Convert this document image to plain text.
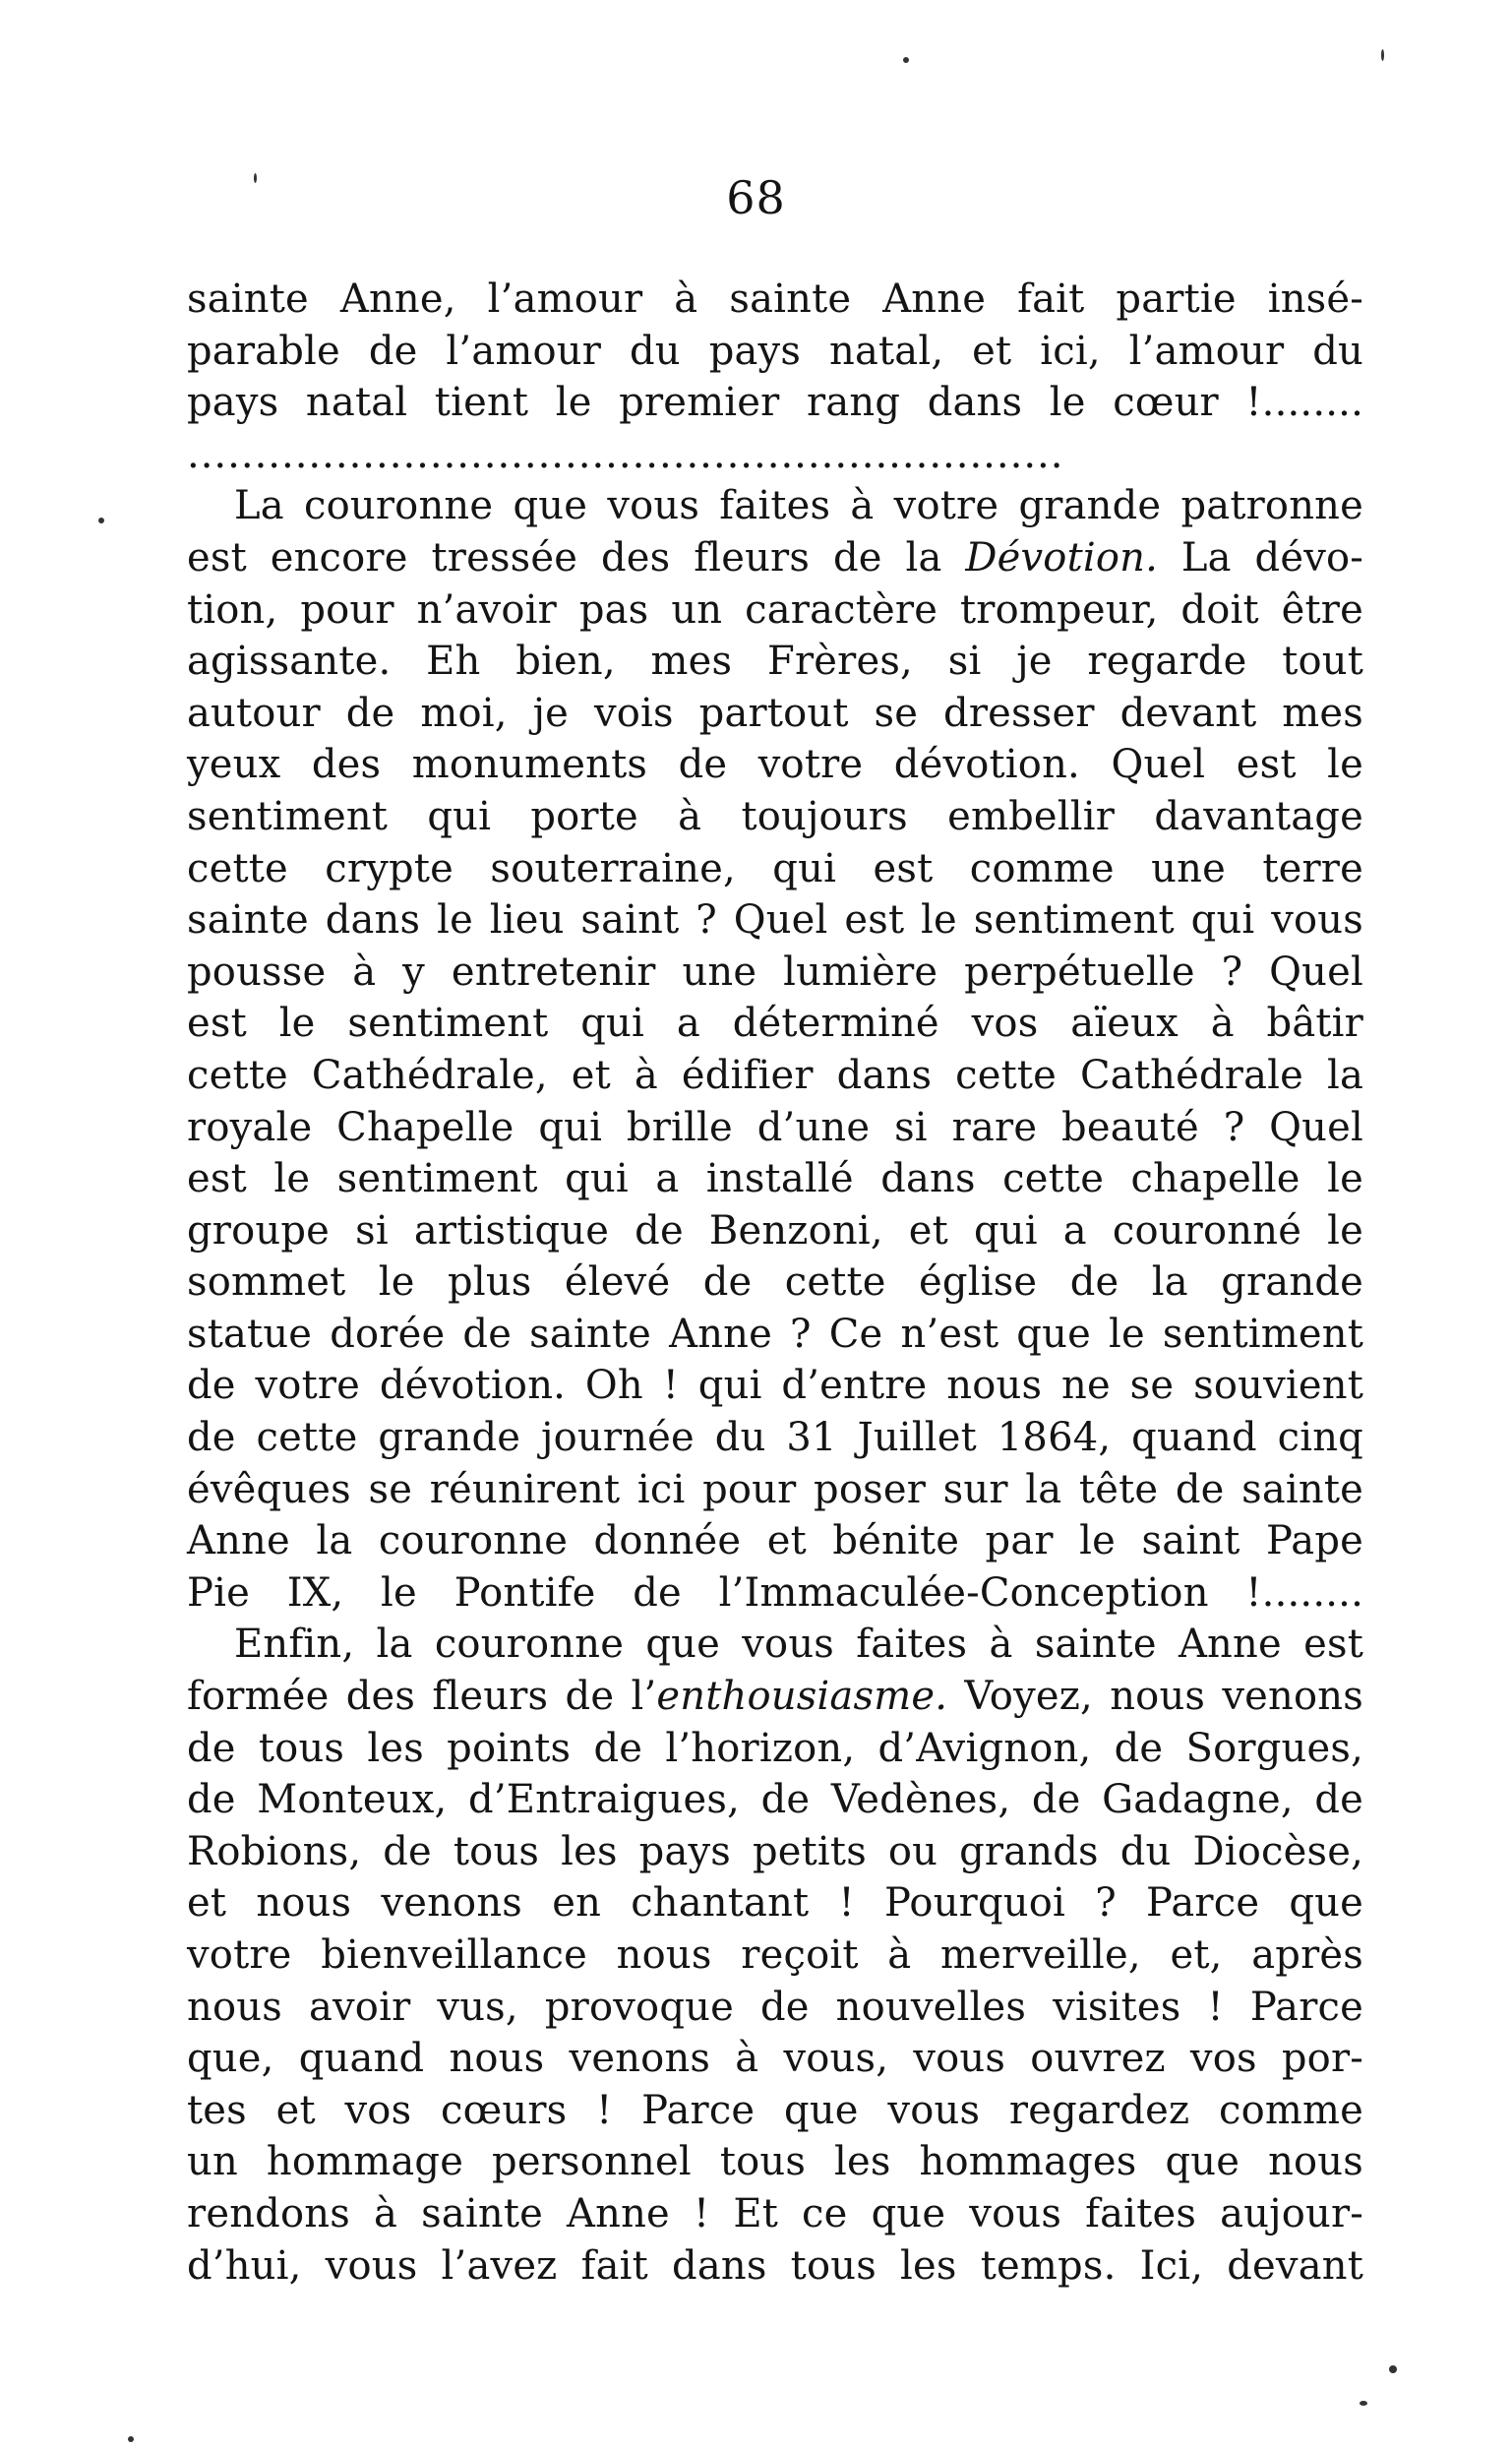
68
sainte Anne, l’amour à sainte Anne fait partie insé-
parable de l’amour du pays natal, et ici, l’amour du
pays natal tient le premier rang dans le cœur !........
.................................................................
La couronne que vous faites à votre grande patronne
est encore tressée des fleurs de la Dévotion. La dévo-
tion, pour n’avoir pas un caractère trompeur, doit être
agissante. Eh bien, mes Frères, si je regarde tout
autour de moi, je vois partout se dresser devant mes
yeux des monuments de votre dévotion. Quel est le
sentiment qui porte à toujours embellir davantage
cette crypte souterraine, qui est comme une terre
sainte dans le lieu saint ? Quel est le sentiment qui vous
pousse à y entretenir une lumière perpétuelle ? Quel
est le sentiment qui a déterminé vos aïeux à bâtir
cette Cathédrale, et à édifier dans cette Cathédrale la
royale Chapelle qui brille d’une si rare beauté ? Quel
est le sentiment qui a installé dans cette chapelle le
groupe si artistique de Benzoni, et qui a couronné le
sommet le plus élevé de cette église de la grande
statue dorée de sainte Anne ? Ce n’est que le sentiment
de votre dévotion. Oh ! qui d’entre nous ne se souvient
de cette grande journée du 31 Juillet 1864, quand cinq
évêques se réunirent ici pour poser sur la tête de sainte
Anne la couronne donnée et bénite par le saint Pape
Pie IX, le Pontife de l’Immaculée-Conception !........
Enfin, la couronne que vous faites à sainte Anne est
formée des fleurs de l’enthousiasme. Voyez, nous venons
de tous les points de l’horizon, d’Avignon, de Sorgues,
de Monteux, d’Entraigues, de Vedènes, de Gadagne, de
Robions, de tous les pays petits ou grands du Diocèse,
et nous venons en chantant ! Pourquoi ? Parce que
votre bienveillance nous reçoit à merveille, et, après
nous avoir vus, provoque de nouvelles visites ! Parce
que, quand nous venons à vous, vous ouvrez vos por-
tes et vos cœurs ! Parce que vous regardez comme
un hommage personnel tous les hommages que nous
rendons à sainte Anne ! Et ce que vous faites aujour-
d’hui, vous l’avez fait dans tous les temps. Ici, devant
